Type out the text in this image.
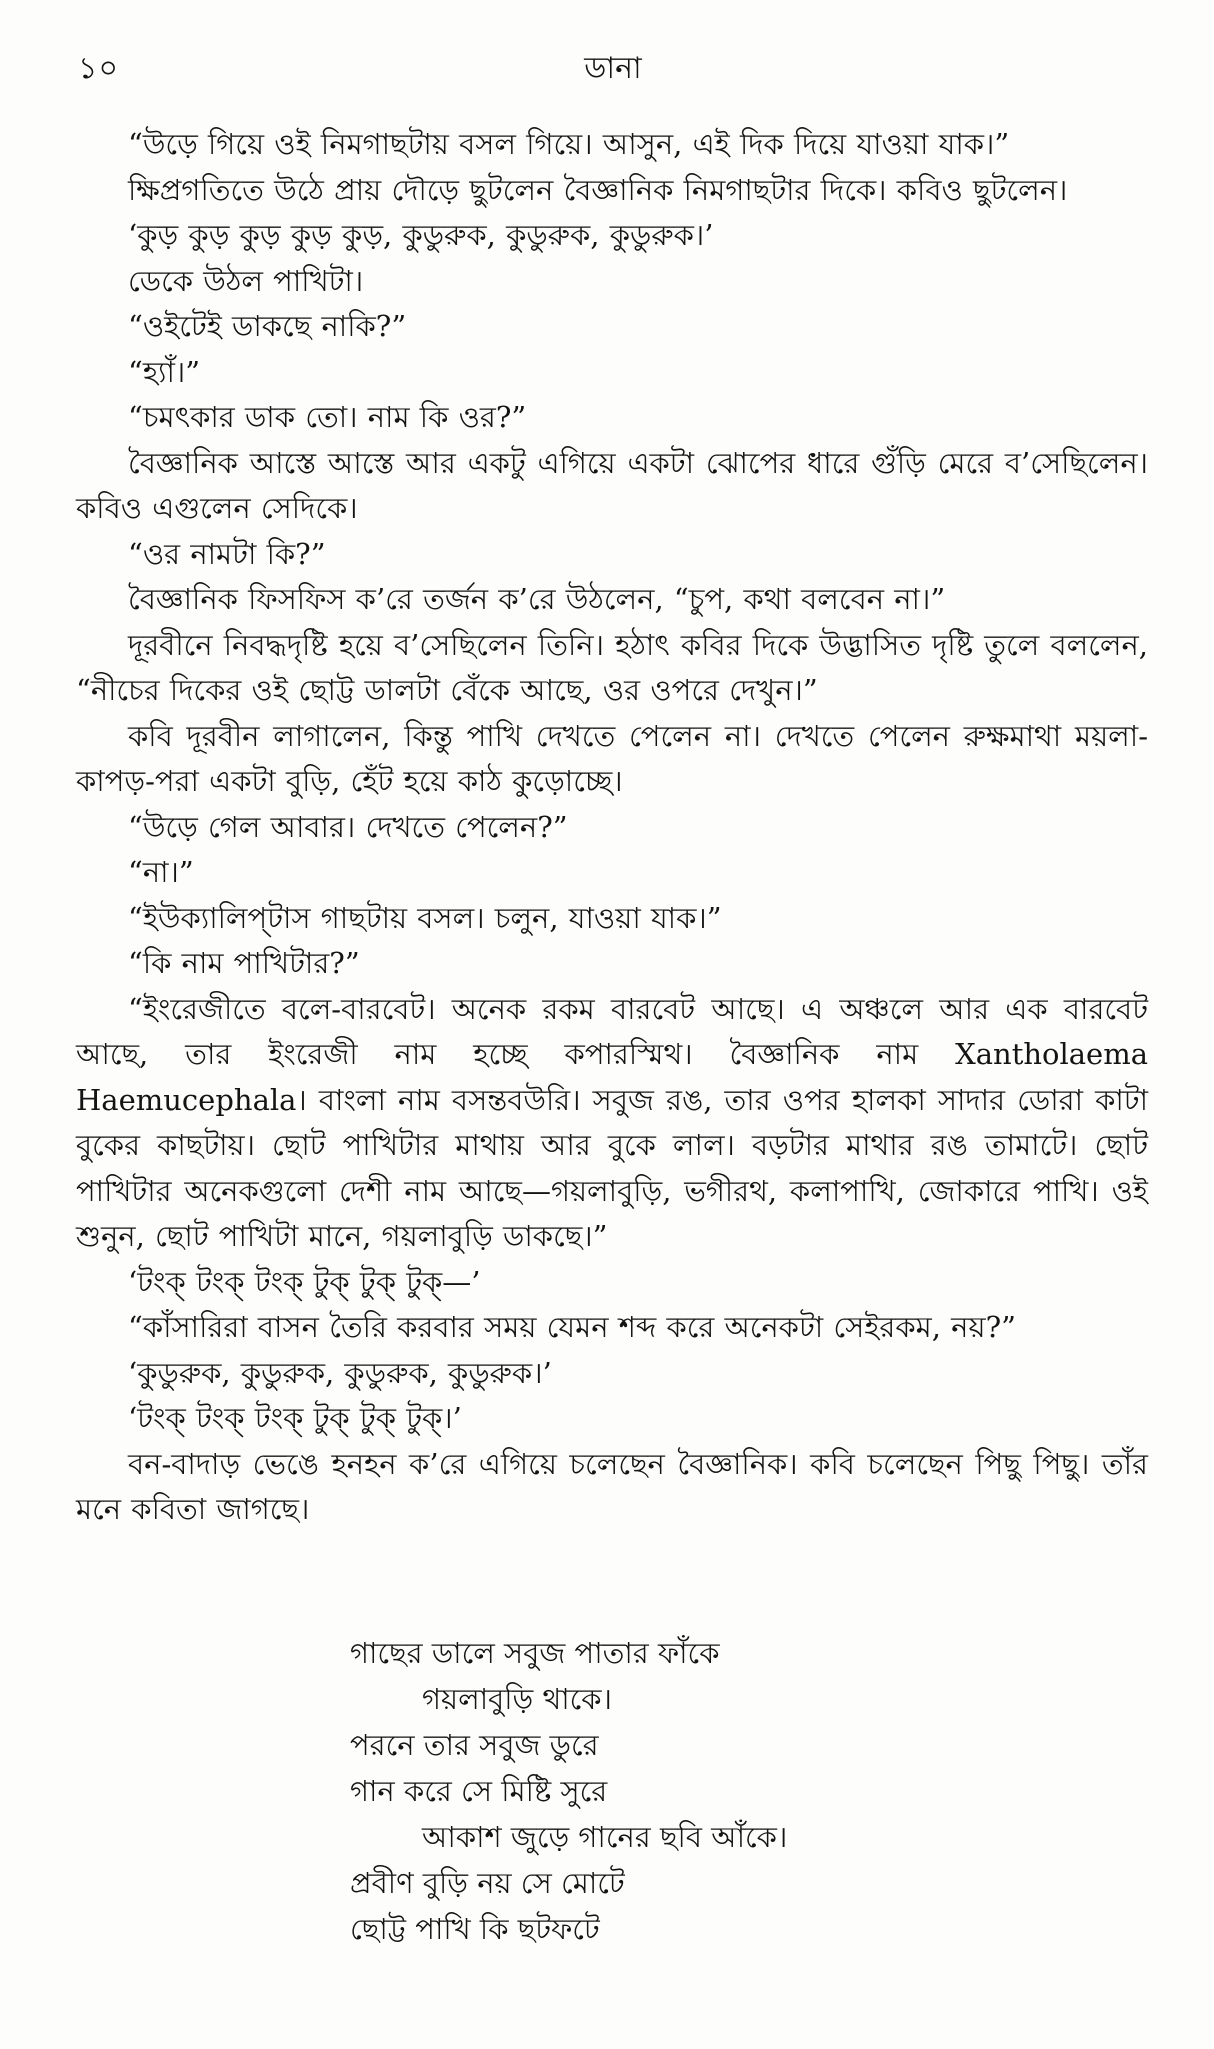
১০	ডানা

“উড়ে গিয়ে ওই নিমগাছটায় বসল গিয়ে। আসুন, এই দিক দিয়ে যাওয়া যাক।”

ক্ষিপ্রগতিতে উঠে প্রায় দৌড়ে ছুটলেন বৈজ্ঞানিক নিমগাছটার দিকে। কবিও ছুটলেন।

‘কুড় কুড় কুড় কুড় কুড়, কুডুরুক, কুডুরুক, কুডুরুক।’

ডেকে উঠল পাখিটা।

“ওইটেই ডাকছে নাকি?”

“হ্যাঁ।”

“চমৎকার ডাক তো। নাম কি ওর?”

বৈজ্ঞানিক আস্তে আস্তে আর একটু এগিয়ে একটা ঝোপের ধারে গুঁড়ি মেরে ব’সেছিলেন। কবিও এগুলেন সেদিকে।

“ওর নামটা কি?”

বৈজ্ঞানিক ফিসফিস ক’রে তর্জন ক’রে উঠলেন, “চুপ, কথা বলবেন না।”

দূরবীনে নিবদ্ধদৃষ্টি হয়ে ব’সেছিলেন তিনি। হঠাৎ কবির দিকে উদ্ভাসিত দৃষ্টি তুলে বললেন, “নীচের দিকের ওই ছোট্ট ডালটা বেঁকে আছে, ওর ওপরে দেখুন।”

কবি দূরবীন লাগালেন, কিন্তু পাখি দেখতে পেলেন না। দেখতে পেলেন রুক্ষমাথা ময়লা-কাপড়-পরা একটা বুড়ি, হেঁট হয়ে কাঠ কুড়োচ্ছে।

“উড়ে গেল আবার। দেখতে পেলেন?”

“না।”

“ইউক্যালিপ্‌টাস গাছটায় বসল। চলুন, যাওয়া যাক।”

“কি নাম পাখিটার?”

“ইংরেজীতে বলে-বারবেট। অনেক রকম বারবেট আছে। এ অঞ্চলে আর এক বারবেট আছে, তার ইংরেজী নাম হচ্ছে কপারস্মিথ। বৈজ্ঞানিক নাম Xantholaema Haemucephala। বাংলা নাম বসন্তবউরি। সবুজ রঙ, তার ওপর হালকা সাদার ডোরা কাটা বুকের কাছটায়। ছোট পাখিটার মাথায় আর বুকে লাল। বড়টার মাথার রঙ তামাটে। ছোট পাখিটার অনেকগুলো দেশী নাম আছে—গয়লাবুড়ি, ভগীরথ, কলাপাখি, জোকারে পাখি। ওই শুনুন, ছোট পাখিটা মানে, গয়লাবুড়ি ডাকছে।”

‘টংক্ টংক্ টংক্ টুক্ টুক্ টুক্—’

“কাঁসারিরা বাসন তৈরি করবার সময় যেমন শব্দ করে অনেকটা সেইরকম, নয়?”

‘কুডুরুক, কুডুরুক, কুডুরুক, কুডুরুক।’

‘টংক্ টংক্ টংক্ টুক্ টুক্ টুক্।’

বন-বাদাড় ভেঙে হনহন ক’রে এগিয়ে চলেছেন বৈজ্ঞানিক। কবি চলেছেন পিছু পিছু। তাঁর মনে কবিতা জাগছে।

গাছের ডালে সবুজ পাতার ফাঁকে

গয়লাবুড়ি থাকে।

পরনে তার সবুজ ডুরে

গান করে সে মিষ্টি সুরে

আকাশ জুড়ে গানের ছবি আঁকে।

প্রবীণ বুড়ি নয় সে মোটে

ছোট্ট পাখি কি ছটফটে
